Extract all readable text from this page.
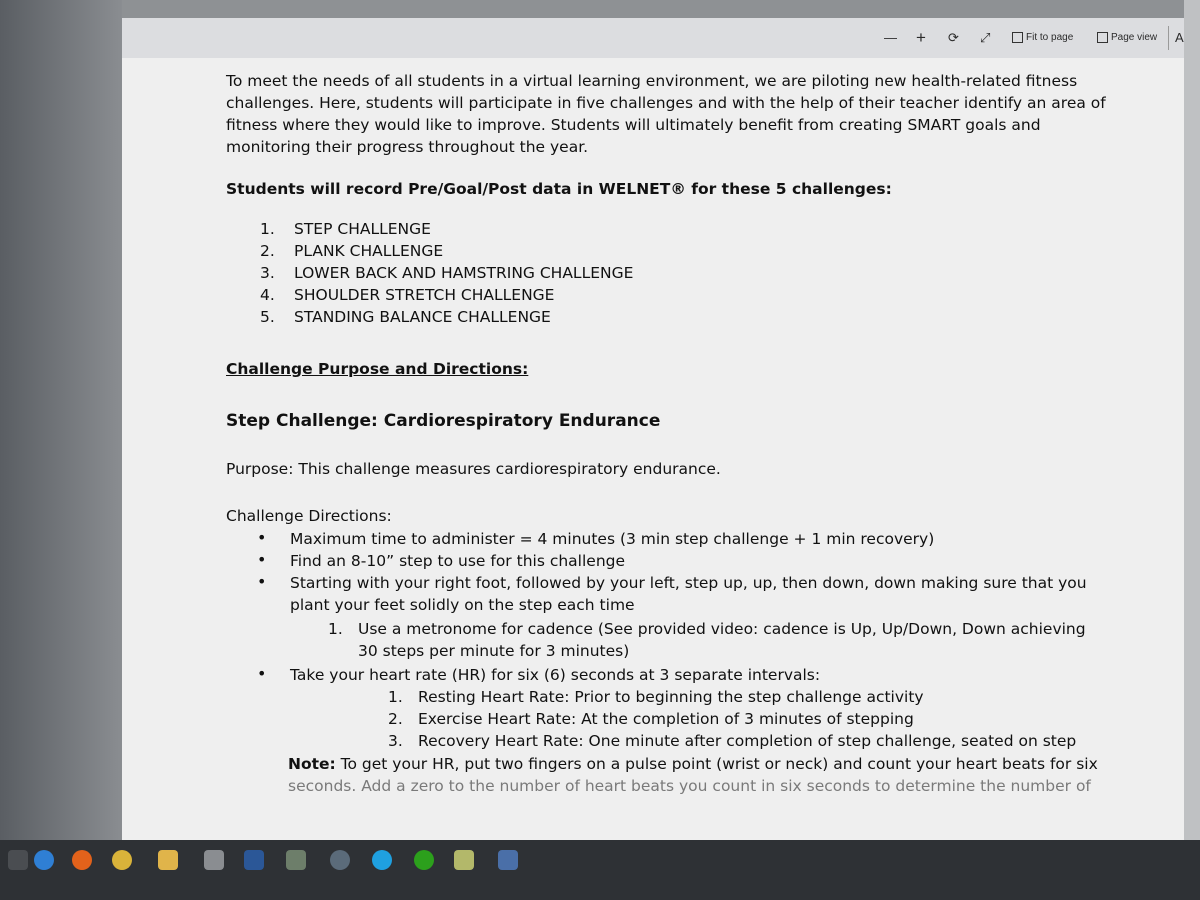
— + ⟳ ⤢	Fit to page	Page view A
To meet the needs of all students in a virtual learning environment, we are piloting new health-related fitness
challenges. Here, students will participate in five challenges and with the help of their teacher identify an area of
fitness where they would like to improve. Students will ultimately benefit from creating SMART goals and
monitoring their progress throughout the year.
Students will record Pre/Goal/Post data in WELNET® for these 5 challenges:
1. STEP CHALLENGE
2. PLANK CHALLENGE
3. LOWER BACK AND HAMSTRING CHALLENGE
4. SHOULDER STRETCH CHALLENGE
5. STANDING BALANCE CHALLENGE
Challenge Purpose and Directions:
Step Challenge: Cardiorespiratory Endurance
Purpose: This challenge measures cardiorespiratory endurance.
Challenge Directions:
• Maximum time to administer = 4 minutes (3 min step challenge + 1 min recovery)
• Find an 8-10” step to use for this challenge
• Starting with your right foot, followed by your left, step up, up, then down, down making sure that you
plant your feet solidly on the step each time
1. Use a metronome for cadence (See provided video: cadence is Up, Up/Down, Down achieving
30 steps per minute for 3 minutes)
• Take your heart rate (HR) for six (6) seconds at 3 separate intervals:
1. Resting Heart Rate: Prior to beginning the step challenge activity
2. Exercise Heart Rate: At the completion of 3 minutes of stepping
3. Recovery Heart Rate: One minute after completion of step challenge, seated on step
Note: To get your HR, put two fingers on a pulse point (wrist or neck) and count your heart beats for six
seconds. Add a zero to the number of heart beats you count in six seconds to determine the number of
